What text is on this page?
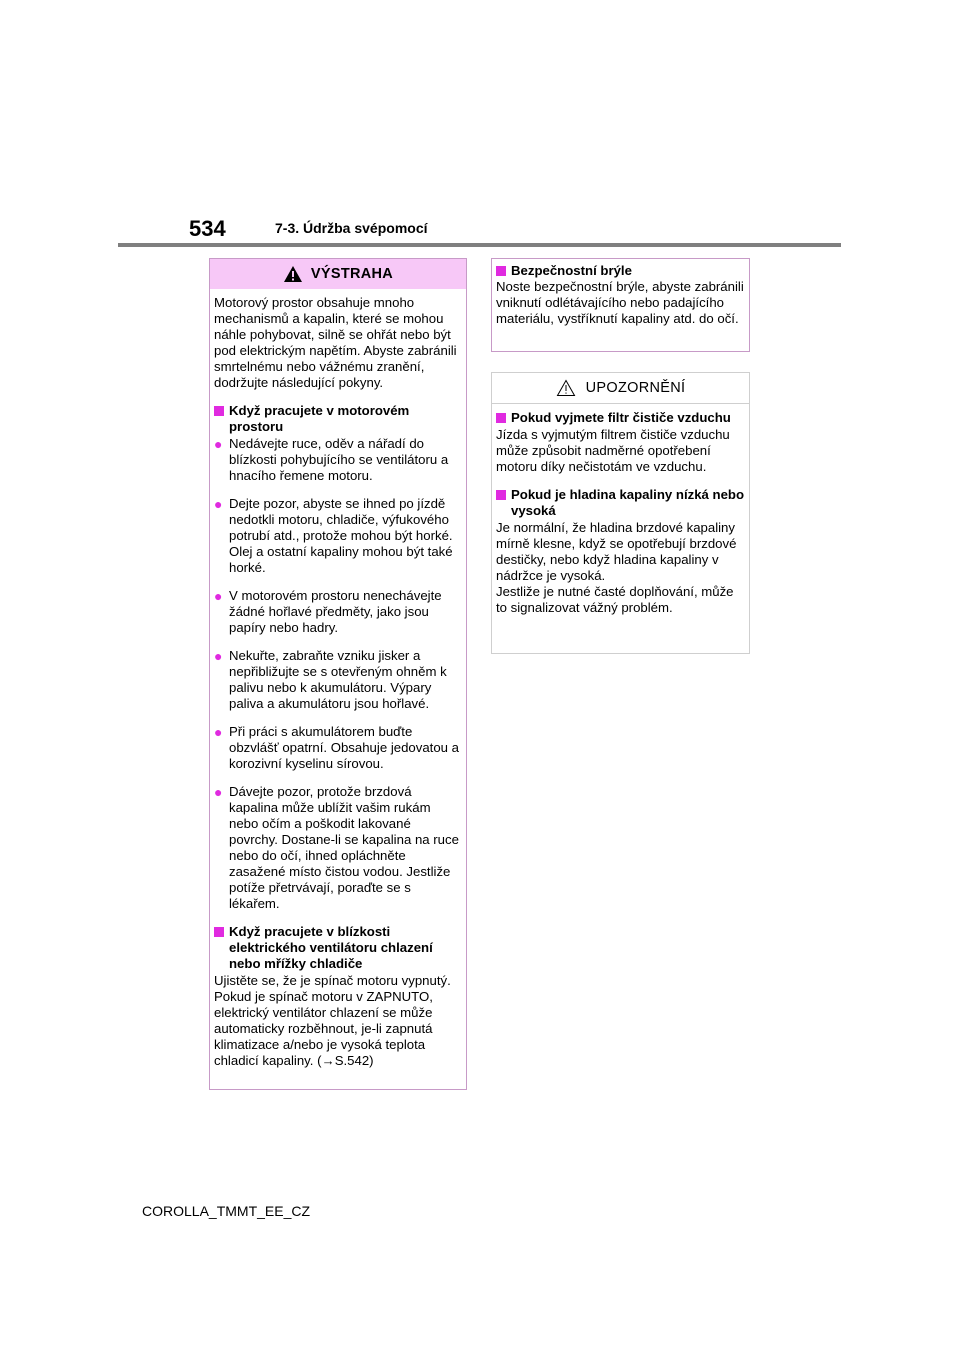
534	7-3. Údržba svépomocí
VÝSTRAHA

Motorový prostor obsahuje mnoho mechanismů a kapalin, které se mohou náhle pohybovat, silně se ohřát nebo být pod elektrickým napětím. Abyste zabránili smrtelnému nebo vážnému zranění, dodržujte následující pokyny.

Když pracujete v motorovém prostoru
● Nedávejte ruce, oděv a nářadí do blízkosti pohybujícího se ventilátoru a hnacího řemene motoru.
● Dejte pozor, abyste se ihned po jízdě nedotkli motoru, chladiče, výfukového potrubí atd., protože mohou být horké. Olej a ostatní kapaliny mohou být také horké.
● V motorovém prostoru nenechávejte žádné hořlavé předměty, jako jsou papíry nebo hadry.
● Nekuřte, zabraňte vzniku jisker a nepřibližujte se s otevřeným ohněm k palivu nebo k akumulátoru. Výpary paliva a akumulátoru jsou hořlavé.
● Při práci s akumulátorem buďte obzvlášť opatrní. Obsahuje jedovatou a korozivní kyselinu sírovou.
● Dávejte pozor, protože brzdová kapalina může ublížit vašim rukám nebo očím a poškodit lakované povrchy. Dostane-li se kapalina na ruce nebo do očí, ihned opláchněte zasažené místo čistou vodou. Jestliže potíže přetrvávají, poraďte se s lékařem.
Když pracujete v blízkosti elektrického ventilátoru chlazení nebo mřížky chladiče
Ujistěte se, že je spínač motoru vypnutý.
Pokud je spínač motoru v ZAPNUTO, elektrický ventilátor chlazení se může automaticky rozběhnout, je-li zapnutá klimatizace a/nebo je vysoká teplota chladicí kapaliny. (→S.542)
Bezpečnostní brýle
Noste bezpečnostní brýle, abyste zabránili vniknutí odlétávajícího nebo padajícího materiálu, vystříknutí kapaliny atd. do očí.
UPOZORNĚNÍ
Pokud vyjmete filtr čističe vzduchu

Jízda s vyjmutým filtrem čističe vzduchu může způsobit nadměrné opotřebení motoru díky nečistotám ve vzduchu.

Pokud je hladina kapaliny nízká nebo vysoká
Je normální, že hladina brzdové kapaliny mírně klesne, když se opotřebují brzdové destičky, nebo když hladina kapaliny v nádržce je vysoká.
Jestliže je nutné časté doplňování, může to signalizovat vážný problém.
COROLLA_TMMT_EE_CZ
